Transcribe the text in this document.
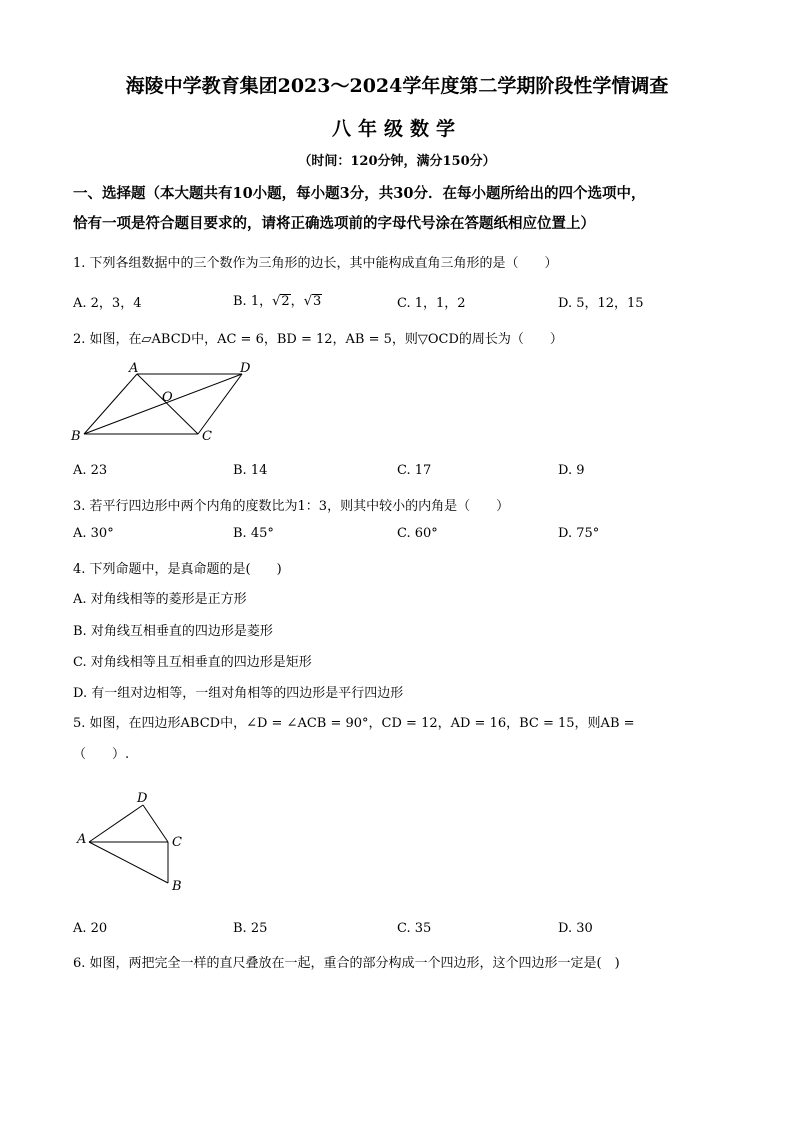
海陵中学教育集团2023～2024学年度第二学期阶段性学情调查
八年级数学
（时间：120分钟，满分150分）
一、选择题（本大题共有10小题，每小题3分，共30分．在每小题所给出的四个选项中，
恰有一项是符合题目要求的，请将正确选项前的字母代号涂在答题纸相应位置上）
1. 下列各组数据中的三个数作为三角形的边长，其中能构成直角三角形的是（　　）
A. 2，3，4	B. 1，√2，√3	C. 1，1，2	D. 5，12，15
2. 如图，在▱ABCD中，AC = 6，BD = 12，AB = 5，则▽OCD的周长为（　　）
A	D
O
B	C
A. 23	B. 14	C. 17	D. 9
3. 若平行四边形中两个内角的度数比为1：3，则其中较小的内角是（　　）
A. 30°	B. 45°	C. 60°	D. 75°
4. 下列命题中，是真命题的是(　　)
A. 对角线相等的菱形是正方形
B. 对角线互相垂直的四边形是菱形
C. 对角线相等且互相垂直的四边形是矩形
D. 有一组对边相等，一组对角相等的四边形是平行四边形
5. 如图，在四边形ABCD中，∠D = ∠ACB = 90°，CD = 12，AD = 16，BC = 15，则AB =
（　　）.
D
A	C
B
A. 20	B. 25	C. 35	D. 30
6. 如图，两把完全一样的直尺叠放在一起，重合的部分构成一个四边形，这个四边形一定是(　)
